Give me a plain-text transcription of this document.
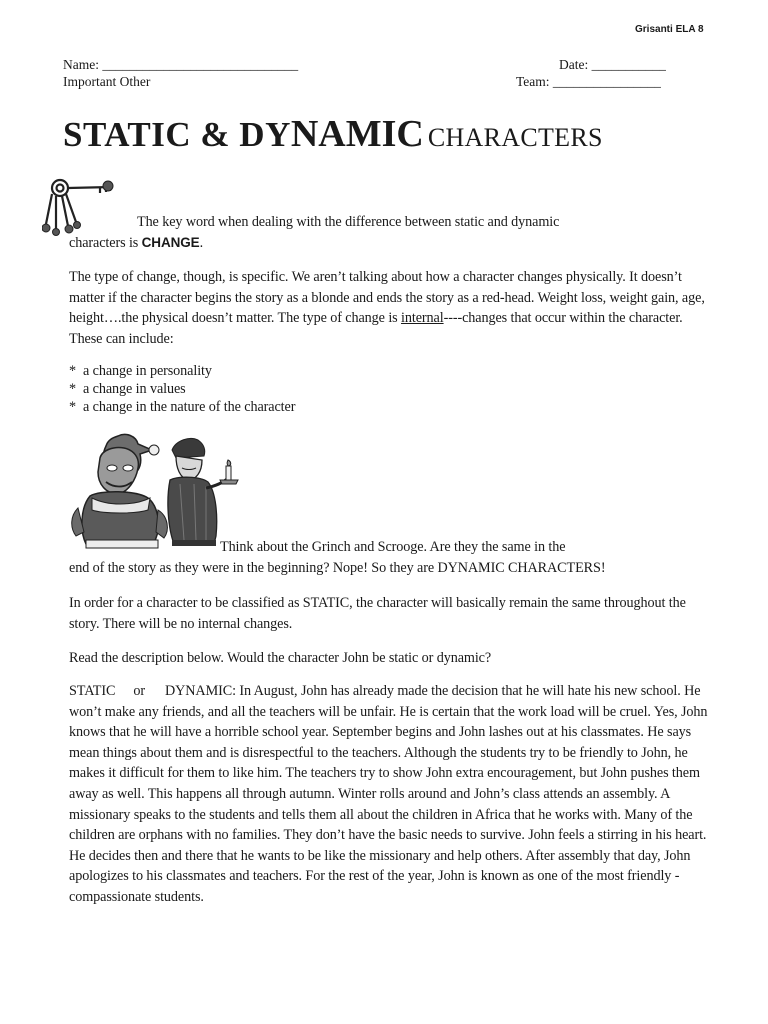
Grisanti ELA 8
Name: _____________________________
Important Other
Date: ___________
Team: ________________
STATIC & DYNAMIC CHARACTERS
The key word when dealing with the difference between static and dynamic
characters is CHANGE.

The type of change, though, is specific. We aren’t talking about how a character changes physically. It doesn’t matter if the character begins the story as a blonde and ends the story as a red-head. Weight loss, weight gain, age, height….the physical doesn’t matter. The type of change is internal----changes that occur within the character. These can include:

* a change in personality
* a change in values
* a change in the nature of the character
Think about the Grinch and Scrooge. Are they the same in the
end of the story as they were in the beginning? Nope! So they are DYNAMIC CHARACTERS!

In order for a character to be classified as STATIC, the character will basically remain the same throughout the story. There will be no internal changes.

Read the description below. Would the character John be static or dynamic?

STATIC or DYNAMIC: In August, John has already made the decision that he will hate his new school. He won’t make any friends, and all the teachers will be unfair. He is certain that the work load will be cruel. Yes, John knows that he will have a horrible school year. September begins and John lashes out at his classmates. He says mean things about them and is disrespectful to the teachers. Although the students try to be friendly to John, he makes it difficult for them to like him. The teachers try to show John extra encouragement, but John pushes them away as well. This happens all through autumn. Winter rolls around and John’s class attends an assembly. A missionary speaks to the students and tells them all about the children in Africa that he works with. Many of the children are orphans with no families. They don’t have the basic needs to survive. John feels a stirring in his heart. He decides then and there that he wants to be like the missionary and help others. After assembly that day, John apologizes to his classmates and teachers. For the rest of the year, John is known as one of the most friendly -compassionate students.
